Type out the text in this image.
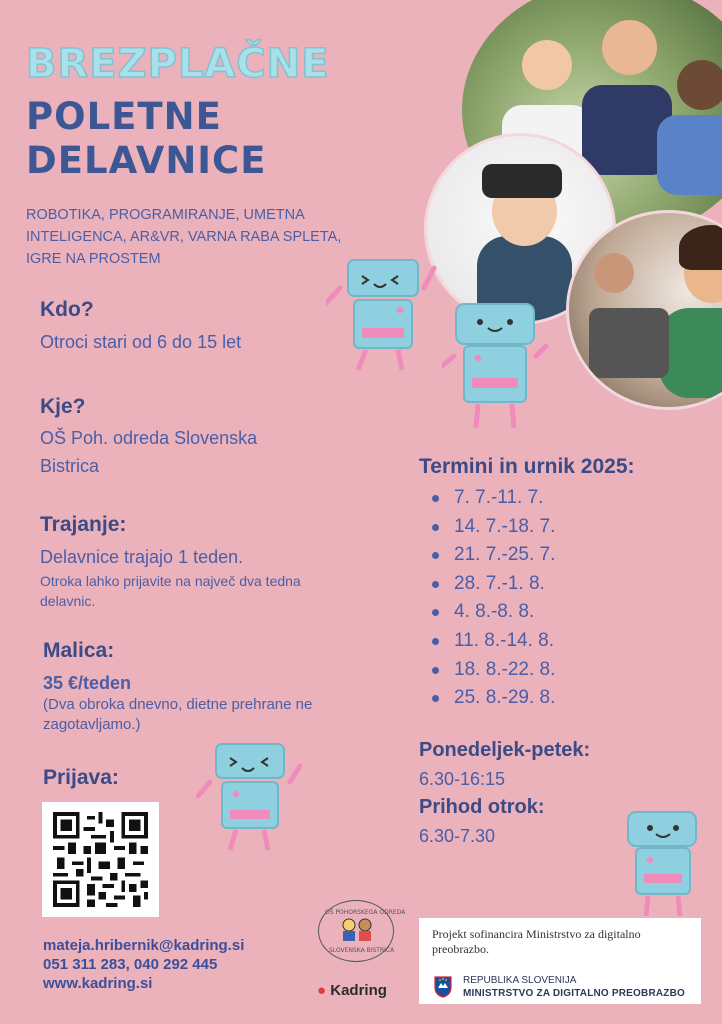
BREZPLAČNE
POLETNE
DELAVNICE
ROBOTIKA, PROGRAMIRANJE, UMETNA INTELIGENCA, AR&VR, VARNA RABA SPLETA, IGRE NA PROSTEM
Kdo?
Otroci stari od 6 do 15 let
Kje?
OŠ Poh. odreda Slovenska
Bistrica
Trajanje:
Delavnice trajajo 1 teden.
Otroka lahko prijavite na največ dva tedna delavnic.
Malica:
35 €/teden
(Dva obroka dnevno, dietne prehrane ne zagotavljamo.)
Prijava:
mateja.hribernik@kadring.si
051 311 283, 040 292 445
www.kadring.si
Termini in urnik 2025:
7. 7.-11. 7.
14. 7.-18. 7.
21. 7.-25. 7.
28. 7.-1. 8.
4. 8.-8. 8.
11. 8.-14. 8.
18. 8.-22. 8.
25. 8.-29. 8.
Ponedeljek-petek:
6.30-16:15
Prihod otrok:
6.30-7.30
OŠ POHORSKEGA ODREDA
SLOVENSKA BISTRICA
● Kadring
Projekt sofinancira Ministrstvo za digitalno preobrazbo.
REPUBLIKA SLOVENIJA
MINISTRSTVO ZA DIGITALNO PREOBRAZBO
